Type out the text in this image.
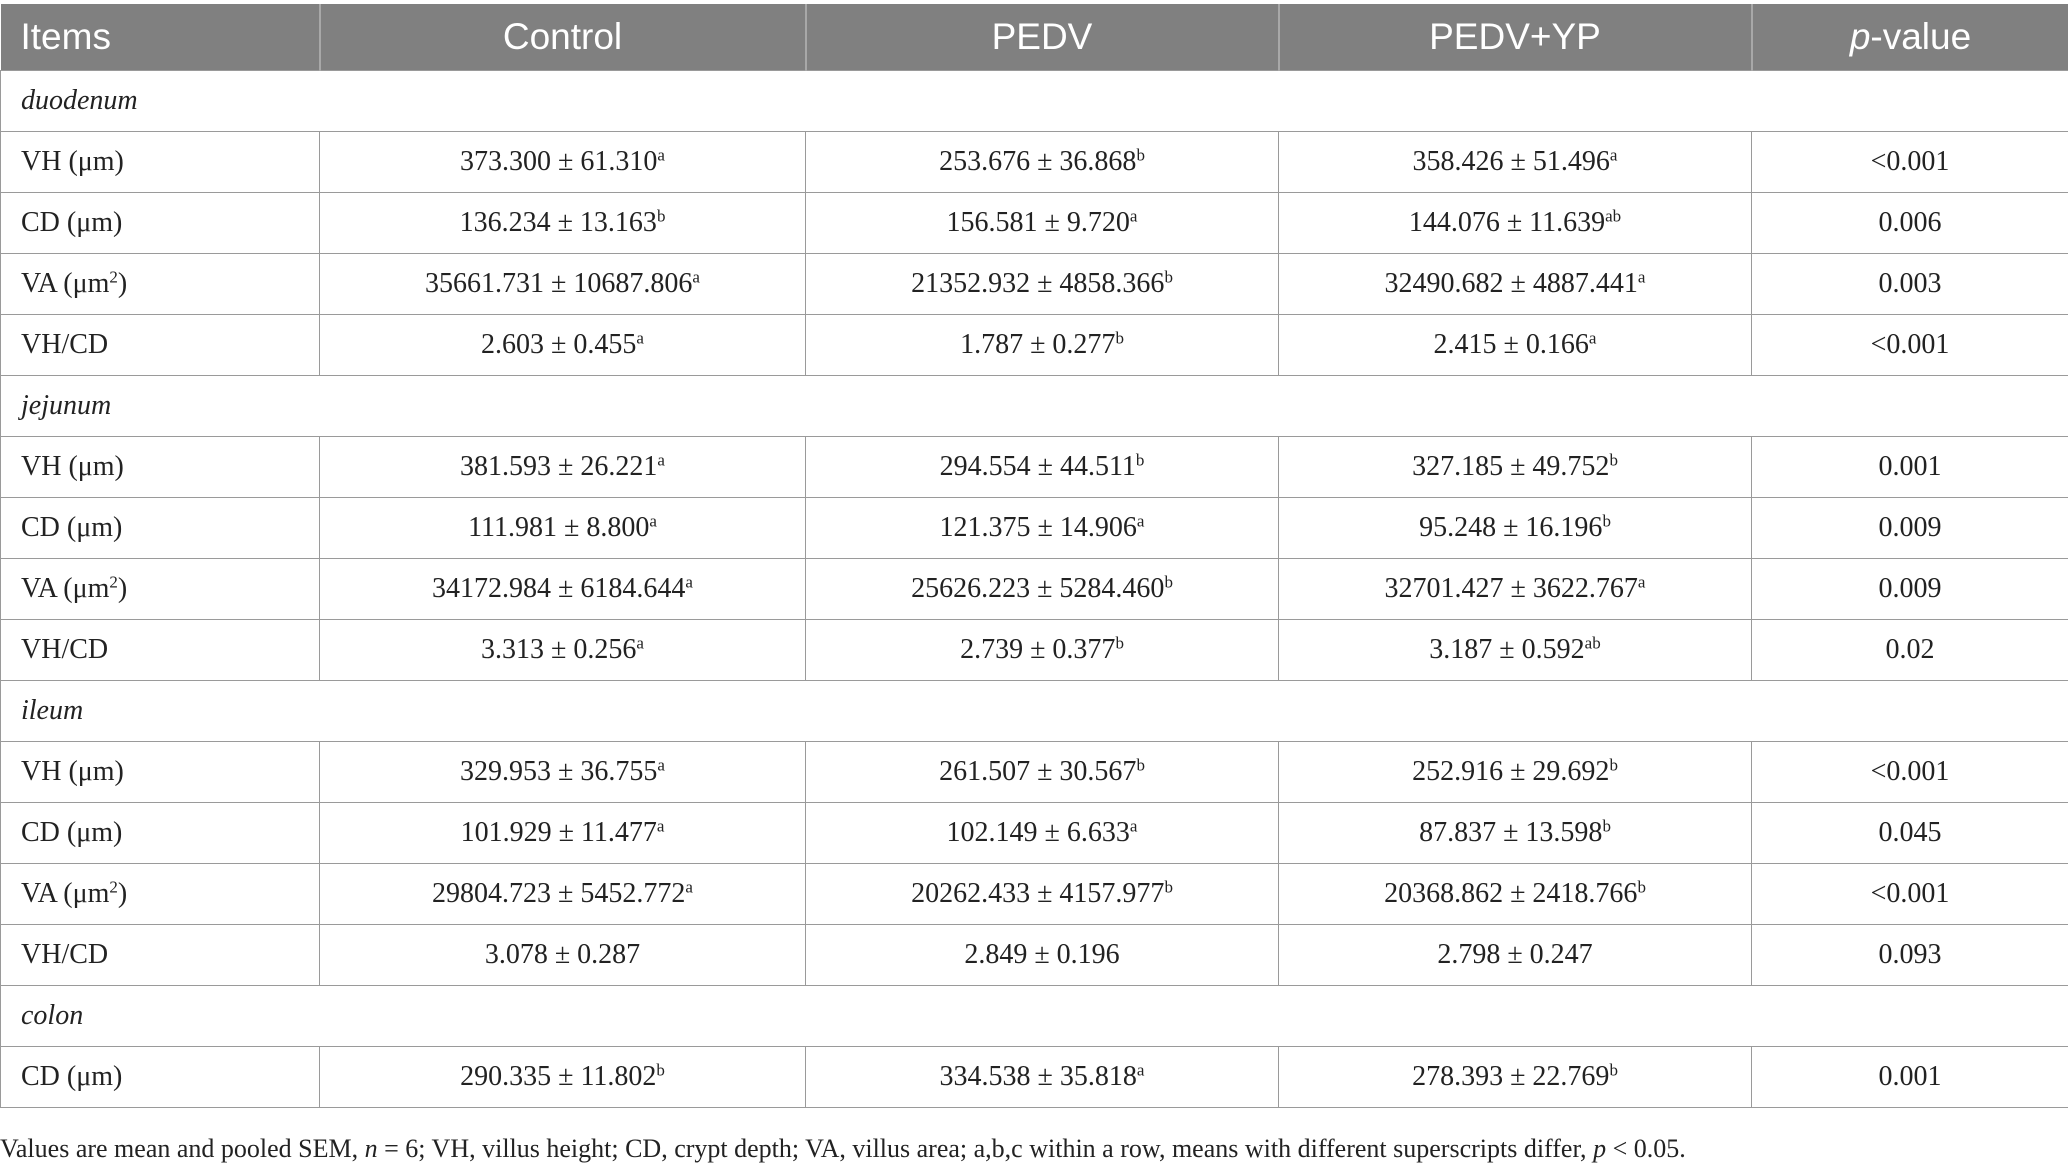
Items	Control	PEDV	PEDV+YP	p-value
duodenum				
VH (μm)	373.300 ± 61.310$^a$	253.676 ± 36.868$^b$	358.426 ± 51.496$^a$	<0.001
CD (μm)	136.234 ± 13.163$^b$	156.581 ± 9.720$^a$	144.076 ± 11.639$^{ab}$	0.006
VA $(\mu m^2)$	35661.731 ± 10687.806$^a$	21352.932 ± 4858.366$^b$	32490.682 ± 4887.441$^a$	0.003
VH/CD	2.603 ± 0.455$^a$	1.787 ± 0.277$^b$	2.415 ± 0.166$^a$	<0.001
jejunum				
VH (μm)	381.593 ± 26.221$^a$	294.554 ± 44.511$^b$	327.185 ± 49.752$^b$	0.001
CD (μm)	111.981 ± 8.800$^a$	121.375 ± 14.906$^a$	95.248 ± 16.196$^b$	0.009
VA $(\mu m^2)$	34172.984 ± 6184.644$^a$	25626.223 ± 5284.460$^b$	32701.427 ± 3622.767$^a$	0.009
VH/CD	3.313 ± 0.256$^a$	2.739 ± 0.377$^b$	3.187 ± 0.592$^{ab}$	0.02
ileum				
VH (μm)	329.953 ± 36.755$^a$	261.507 ± 30.567$^b$	252.916 ± 29.692$^b$	<0.001
CD (μm)	101.929 ± 11.477$^a$	102.149 ± 6.633$^a$	87.837 ± 13.598$^b$	0.045
VA $(\mu m^2)$	29804.723 ± 5452.772$^a$	20262.433 ± 4157.977$^b$	20368.862 ± 2418.766$^b$	<0.001
VH/CD	3.078 ± 0.287	2.849 ± 0.196	2.798 ± 0.247	0.093
colon				
CD (μm)	290.335 ± 11.802$^b$	334.538 ± 35.818$^a$	278.393 ± 22.769$^b$	0.001
Values are mean and pooled SEM, n = 6; VH, villus height; CD, crypt depth; VA, villus area; a,b,c within a row, means with different superscripts differ, p < 0.05.
